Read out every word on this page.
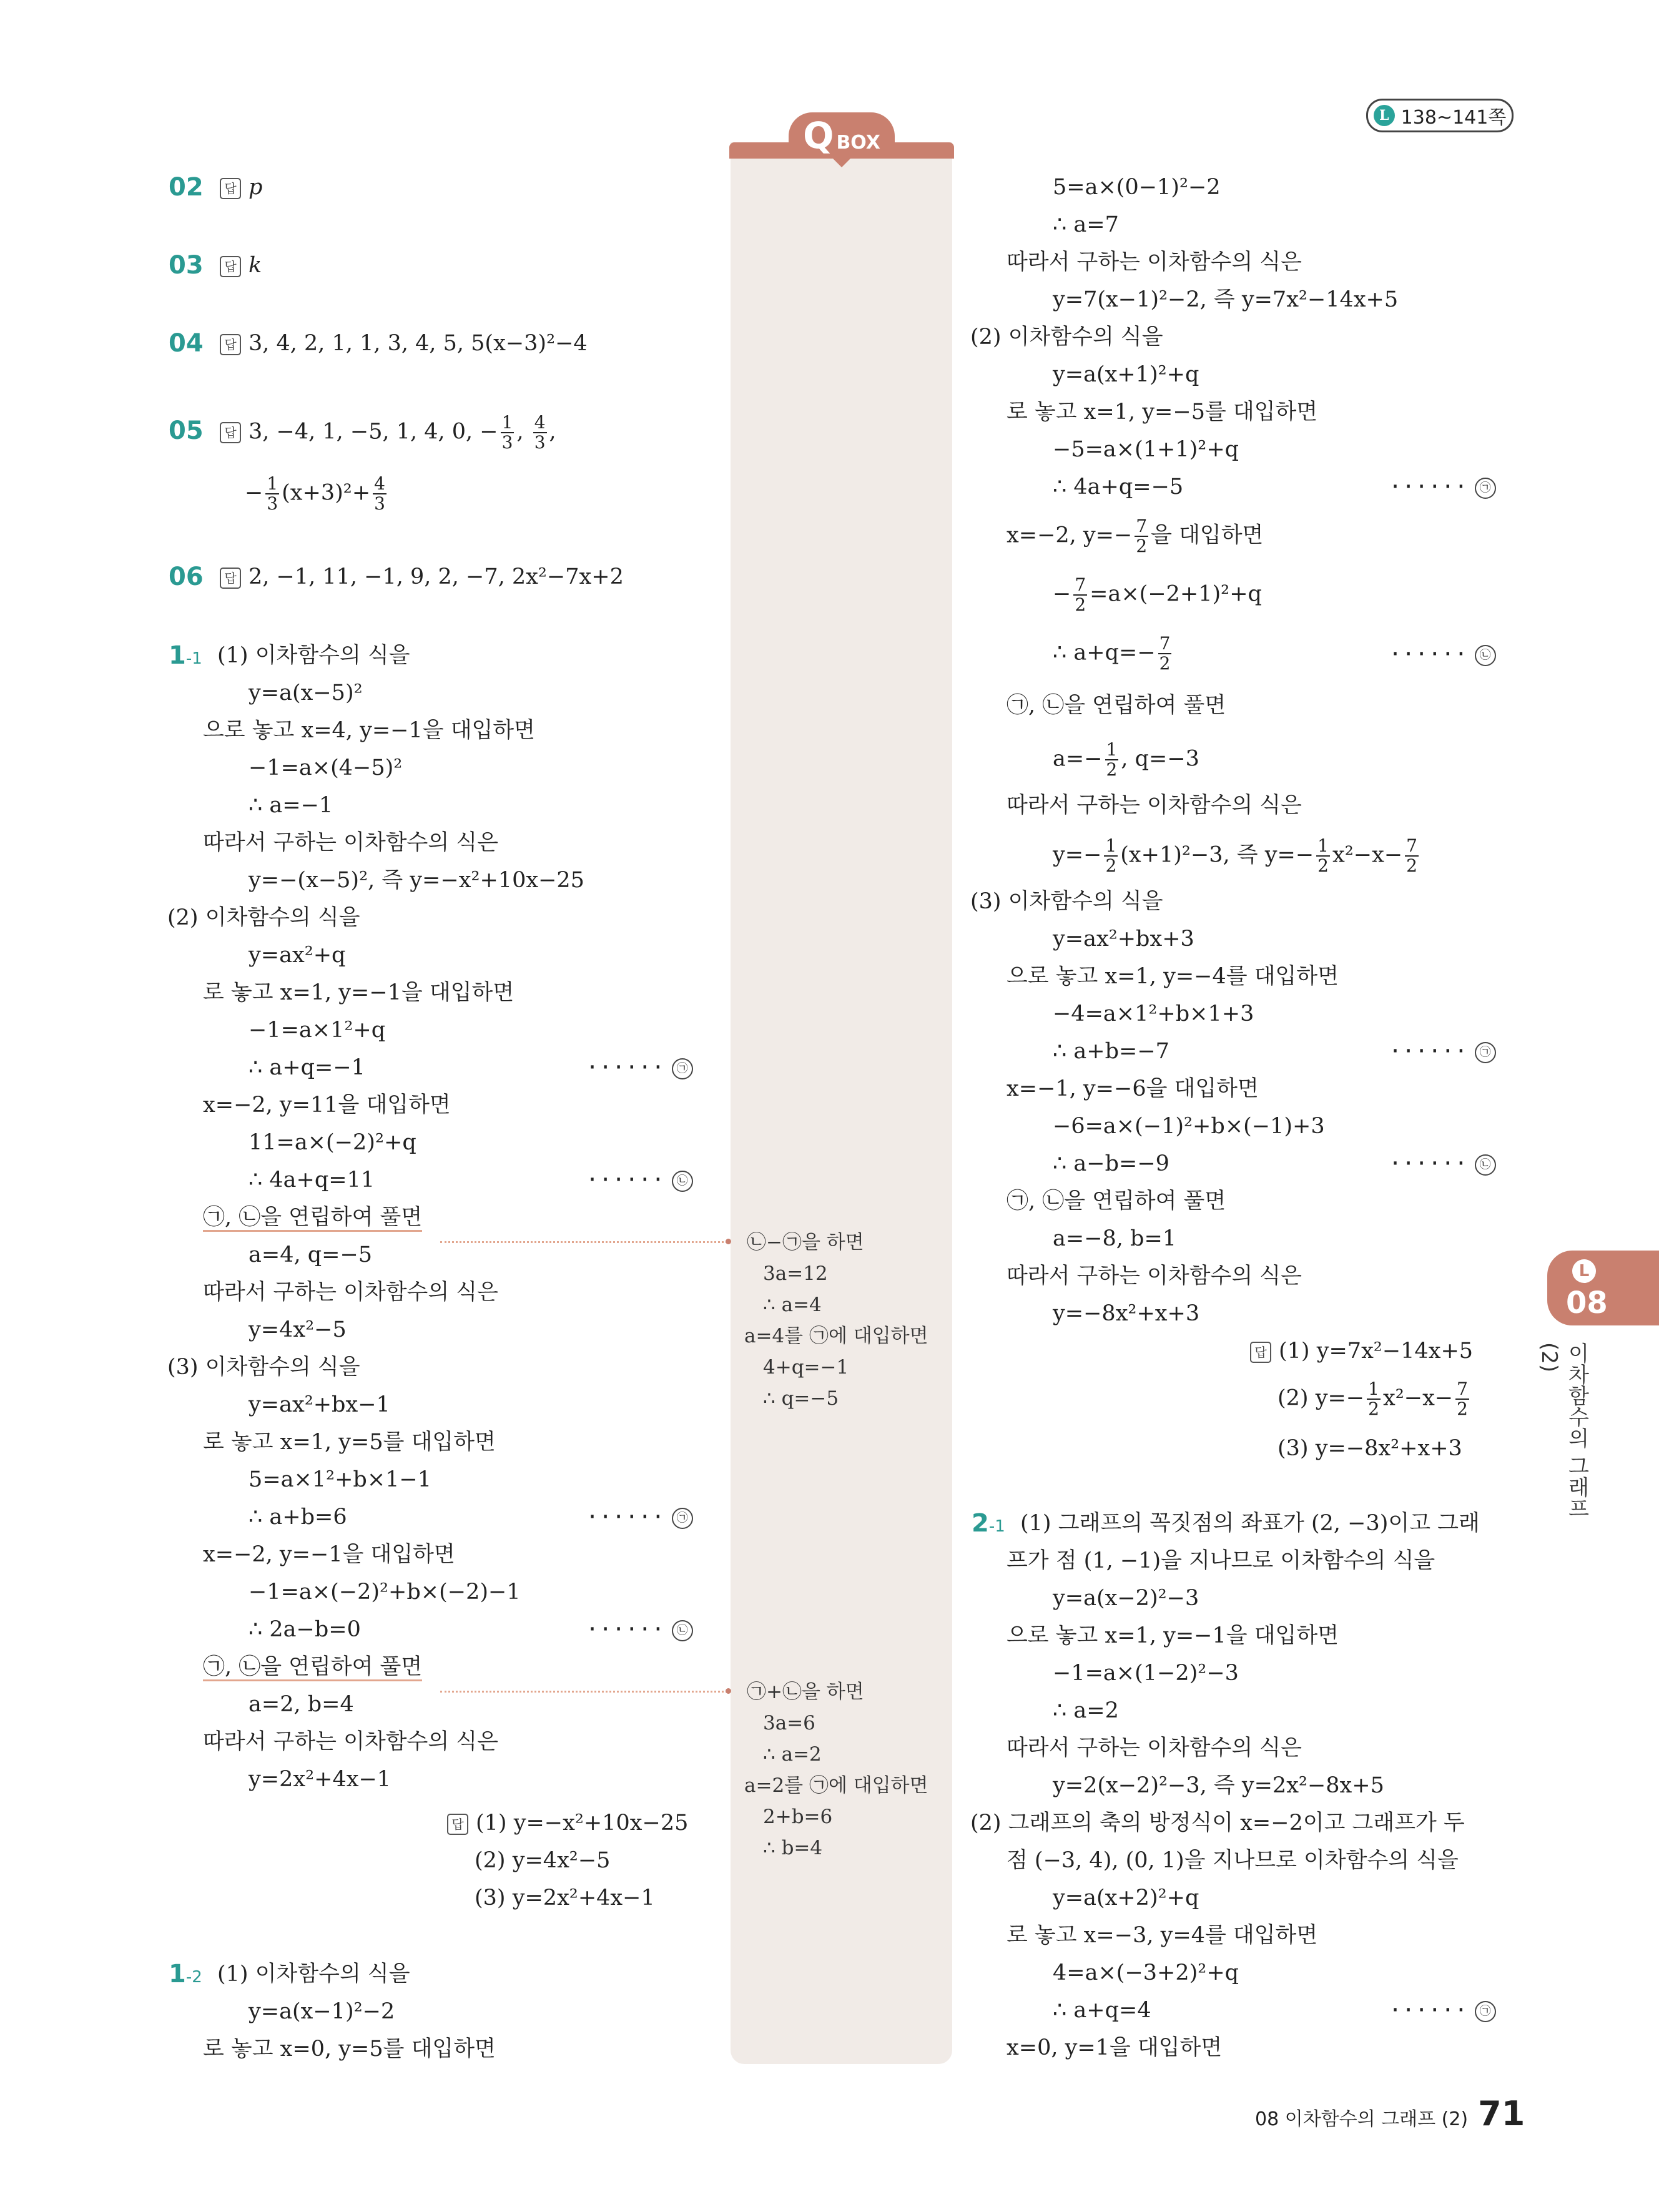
L 138~141쪽
Q BOX
02	답 p
03	답 k
04	답 3, 4, 2, 1, 1, 3, 4, 5, 5(x−3)²−4
05	답 3, −4, 1, −5, 1, 4, 0, − $\frac{1}{3}$ , $\frac{4}{3}$ ,
− $\frac{1}{3} (x+3)^2+ \frac{4}{3}$
06	답 2, −1, 11, −1, 9, 2, −7, 2x²−7x+2
1-1 (1) 이차함수의 식을
y=a(x−5)²
으로 놓고 x=4, y=−1을 대입하면
−1=a×(4−5)²
∴ a=−1
따라서 구하는 이차함수의 식은
y=−(x−5)², 즉 y=−x²+10x−25
(2) 이차함수의 식을
y=ax²+q
로 놓고 x=1, y=−1을 대입하면
−1=a×1²+q
∴ a+q=−1	······ ㉠
x=−2, y=11을 대입하면
11=a×(−2)²+q
∴ 4a+q=11	······ ㉡
㉠, ㉡을 연립하여 풀면
a=4, q=−5
따라서 구하는 이차함수의 식은
y=4x²−5
(3) 이차함수의 식을
y=ax²+bx−1
로 놓고 x=1, y=5를 대입하면
5=a×1²+b×1−1
∴ a+b=6	······ ㉠
x=−2, y=−1을 대입하면
−1=a×(−2)²+b×(−2)−1
∴ 2a−b=0	······ ㉡
㉠, ㉡을 연립하여 풀면
a=2, b=4
따라서 구하는 이차함수의 식은
y=2x²+4x−1
답 (1) y=−x²+10x−25
(2) y=4x²−5
(3) y=2x²+4x−1
1-2 (1) 이차함수의 식을
y=a(x−1)²−2
로 놓고 x=0, y=5를 대입하면
㉡−㉠을 하면
3a=12
∴ a=4
a=4를 ㉠에 대입하면
4+q=−1
∴ q=−5
㉠+㉡을 하면
3a=6
∴ a=2
a=2를 ㉠에 대입하면
2+b=6
∴ b=4
5=a×(0−1)²−2
∴ a=7
따라서 구하는 이차함수의 식은
y=7(x−1)²−2, 즉 y=7x²−14x+5
(2) 이차함수의 식을
y=a(x+1)²+q
로 놓고 x=1, y=−5를 대입하면
−5=a×(1+1)²+q
∴ 4a+q=−5	······ ㉠
x=−2, $y=- \frac{7}{2}$ 을 대입하면
− $\frac{7}{2} =a\times(-2+1)^2+q$
∴ $a+q=- \frac{7}{2}$	······ ㉡
㉠, ㉡을 연립하여 풀면
$a=- \frac{1}{2}$ , q=−3
따라서 구하는 이차함수의 식은
$y=- \frac{1}{2} (x+1)^2-3$, 즉 $y=- \frac{1}{2} x^2-x- \frac{7}{2}$
(3) 이차함수의 식을
y=ax²+bx+3
으로 놓고 x=1, y=−4를 대입하면
−4=a×1²+b×1+3
∴ a+b=−7	······ ㉠
x=−1, y=−6을 대입하면
−6=a×(−1)²+b×(−1)+3
∴ a−b=−9	······ ㉡
㉠, ㉡을 연립하여 풀면
a=−8, b=1
따라서 구하는 이차함수의 식은
y=−8x²+x+3
답 (1) y=7x²−14x+5
(2) $y=- \frac{1}{2} x^2-x- \frac{7}{2}$
(3) y=−8x²+x+3
2-1 (1) 그래프의 꼭짓점의 좌표가 (2, −3)이고 그래
프가 점 (1, −1)을 지나므로 이차함수의 식을
y=a(x−2)²−3
으로 놓고 x=1, y=−1을 대입하면
−1=a×(1−2)²−3
∴ a=2
따라서 구하는 이차함수의 식은
y=2(x−2)²−3, 즉 y=2x²−8x+5
(2) 그래프의 축의 방정식이 x=−2이고 그래프가 두
점 (−3, 4), (0, 1)을 지나므로 이차함수의 식을
y=a(x+2)²+q
로 놓고 x=−3, y=4를 대입하면
4=a×(−3+2)²+q
∴ a+q=4	······ ㉠
x=0, y=1을 대입하면
L
08
이차함수의 그래프 (2)
08 이차함수의 그래프 (2) 71
